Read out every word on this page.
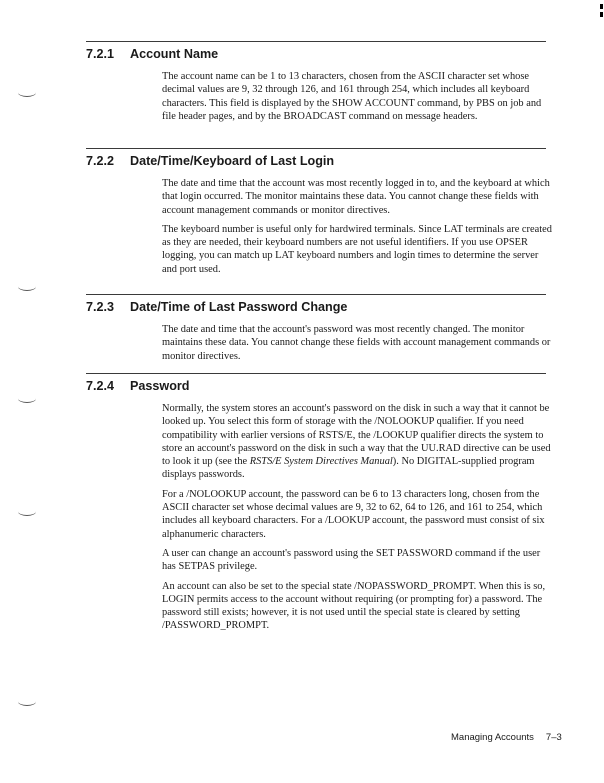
7.2.1 Account Name

The account name can be 1 to 13 characters, chosen from the ASCII character set whose decimal values are 9, 32 through 126, and 161 through 254, which includes all keyboard characters. This field is displayed by the SHOW ACCOUNT command, by PBS on job and file header pages, and by the BROADCAST command on message headers.

7.2.2 Date/Time/Keyboard of Last Login

The date and time that the account was most recently logged in to, and the keyboard at which that login occurred. The monitor maintains these data. You cannot change these fields with account management commands or monitor directives.

The keyboard number is useful only for hardwired terminals. Since LAT terminals are created as they are needed, their keyboard numbers are not useful identifiers. If you use OPSER logging, you can match up LAT keyboard numbers and login times to determine the server and port used.

7.2.3 Date/Time of Last Password Change

The date and time that the account's password was most recently changed. The monitor maintains these data. You cannot change these fields with account management commands or monitor directives.

7.2.4 Password

Normally, the system stores an account's password on the disk in such a way that it cannot be looked up. You select this form of storage with the /NOLOOKUP qualifier. If you need compatibility with earlier versions of RSTS/E, the /LOOKUP qualifier directs the system to store an account's password on the disk in such a way that the UU.RAD directive can be used to look it up (see the RSTS/E System Directives Manual). No DIGITAL-supplied program displays passwords.

For a /NOLOOKUP account, the password can be 6 to 13 characters long, chosen from the ASCII character set whose decimal values are 9, 32 to 62, 64 to 126, and 161 to 254, which includes all keyboard characters. For a /LOOKUP account, the password must consist of six alphanumeric characters.

A user can change an account's password using the SET PASSWORD command if the user has SETPAS privilege.

An account can also be set to the special state /NOPASSWORD_PROMPT. When this is so, LOGIN permits access to the account without requiring (or prompting for) a password. The password still exists; however, it is not used until the special state is cleared by setting /PASSWORD_PROMPT.

Managing Accounts 7–3
